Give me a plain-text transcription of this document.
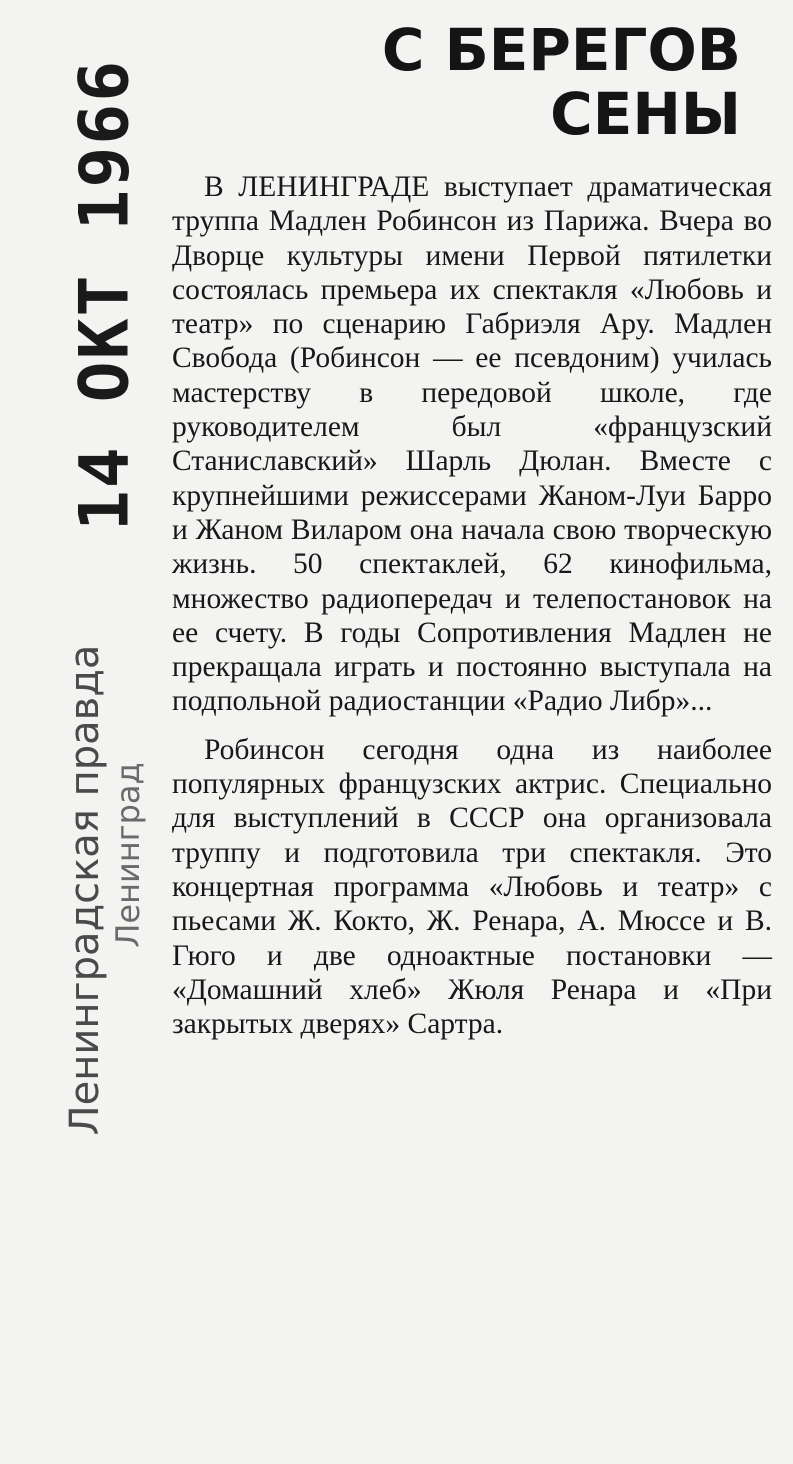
14 ОКТ 1966
Ленинградская правда Ленинград
С БЕРЕГОВ
СЕНЫ

В ЛЕНИНГРАДЕ выступает драматическая труппа Мадлен Робинсон из Парижа. Вчера во Дворце культуры имени Первой пятилетки состоялась премьера их спектакля «Любовь и театр» по сценарию Габриэля Ару. Мадлен Свобода (Робинсон — ее псевдоним) училась мастерству в передовой школе, где руководителем был «французский Станиславский» Шарль Дюлан. Вместе с крупнейшими режиссерами Жаном-Луи Барро и Жаном Виларом она начала свою творческую жизнь. 50 спектаклей, 62 кинофильма, множество радиопередач и телепостановок на ее счету. В годы Сопротивления Мадлен не прекращала играть и постоянно выступала на подпольной радиостанции «Радио Либр»...

Робинсон сегодня одна из наиболее популярных французских актрис. Специально для выступлений в СССР она организовала труппу и подготовила три спектакля. Это концертная программа «Любовь и театр» с пьесами Ж. Кокто, Ж. Ренара, А. Мюссе и В. Гюго и две одноактные постановки — «Домашний хлеб» Жюля Ренара и «При закрытых дверях» Сартра.
